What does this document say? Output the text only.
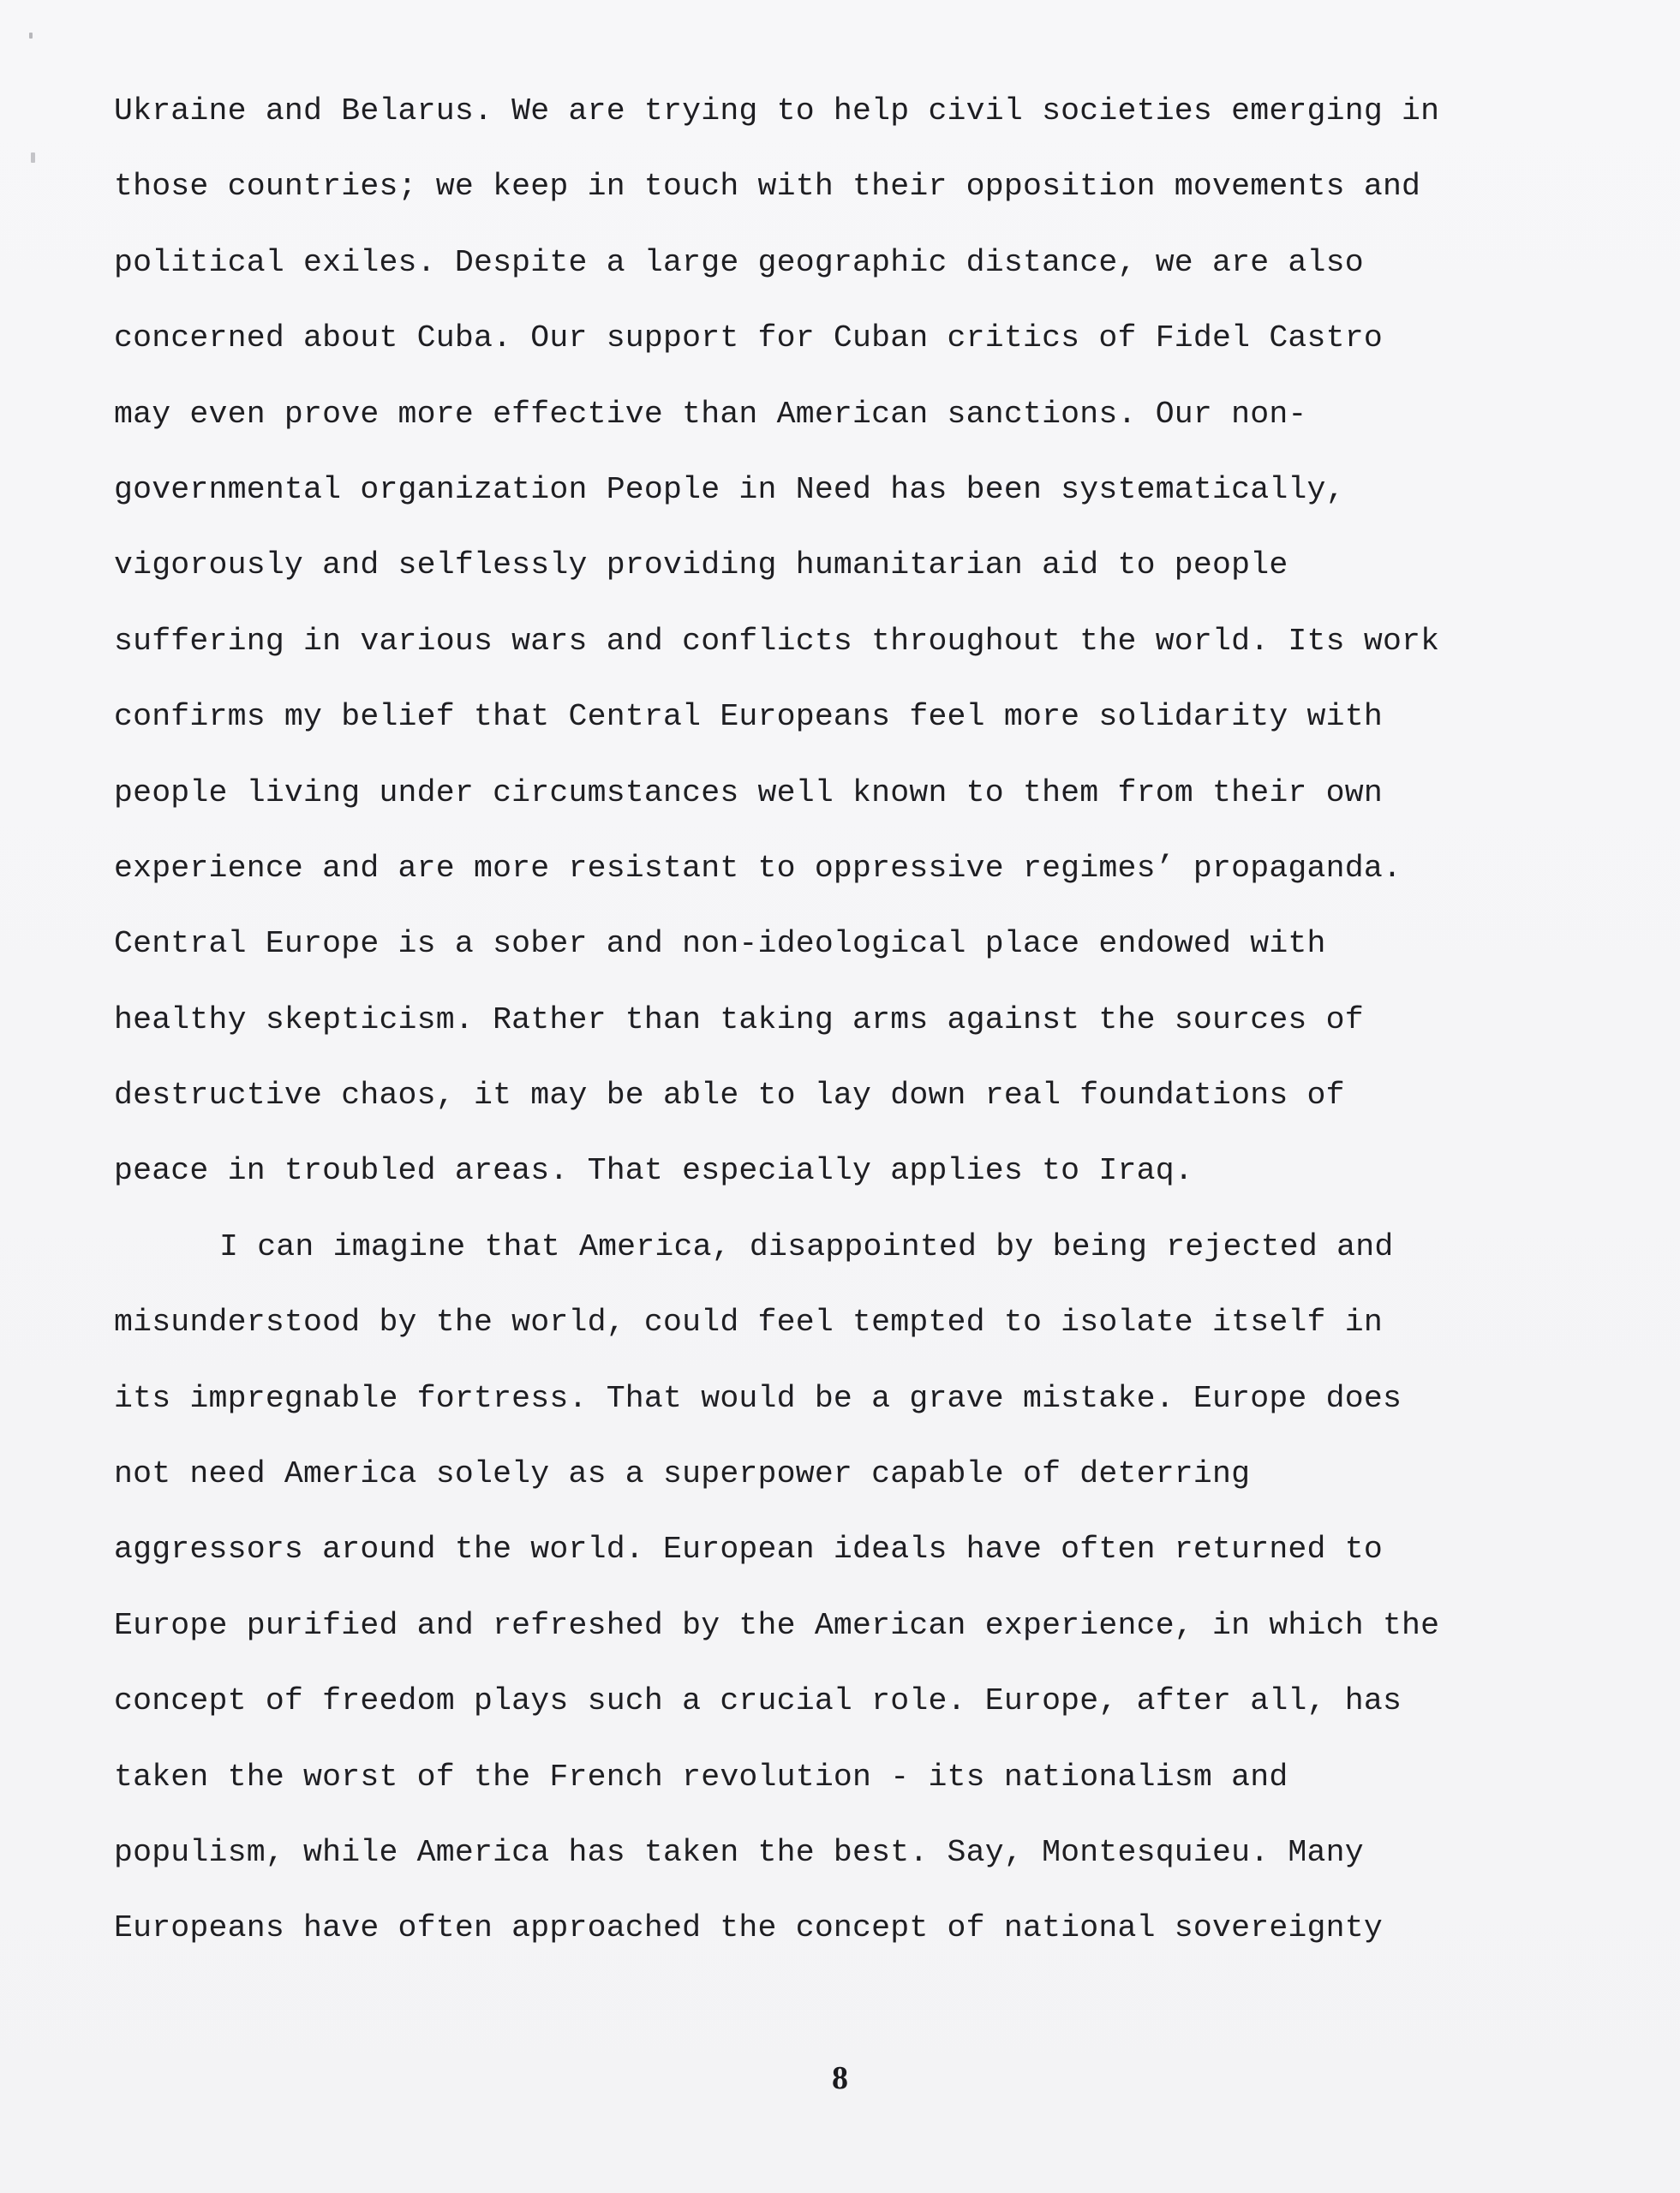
Ukraine and Belarus. We are trying to help civil societies emerging in
those countries; we keep in touch with their opposition movements and
political exiles. Despite a large geographic distance, we are also
concerned about Cuba. Our support for Cuban critics of Fidel Castro
may even prove more effective than American sanctions. Our non-
governmental organization People in Need has been systematically,
vigorously and selflessly providing humanitarian aid to people
suffering in various wars and conflicts throughout the world. Its work
confirms my belief that Central Europeans feel more solidarity with
people living under circumstances well known to them from their own
experience and are more resistant to oppressive regimes’ propaganda.
Central Europe is a sober and non-ideological place endowed with
healthy skepticism. Rather than taking arms against the sources of
destructive chaos, it may be able to lay down real foundations of
peace in troubled areas. That especially applies to Iraq.
I can imagine that America, disappointed by being rejected and
misunderstood by the world, could feel tempted to isolate itself in
its impregnable fortress. That would be a grave mistake. Europe does
not need America solely as a superpower capable of deterring
aggressors around the world. European ideals have often returned to
Europe purified and refreshed by the American experience, in which the
concept of freedom plays such a crucial role. Europe, after all, has
taken the worst of the French revolution - its nationalism and
populism, while America has taken the best. Say, Montesquieu. Many
Europeans have often approached the concept of national sovereignty
8
